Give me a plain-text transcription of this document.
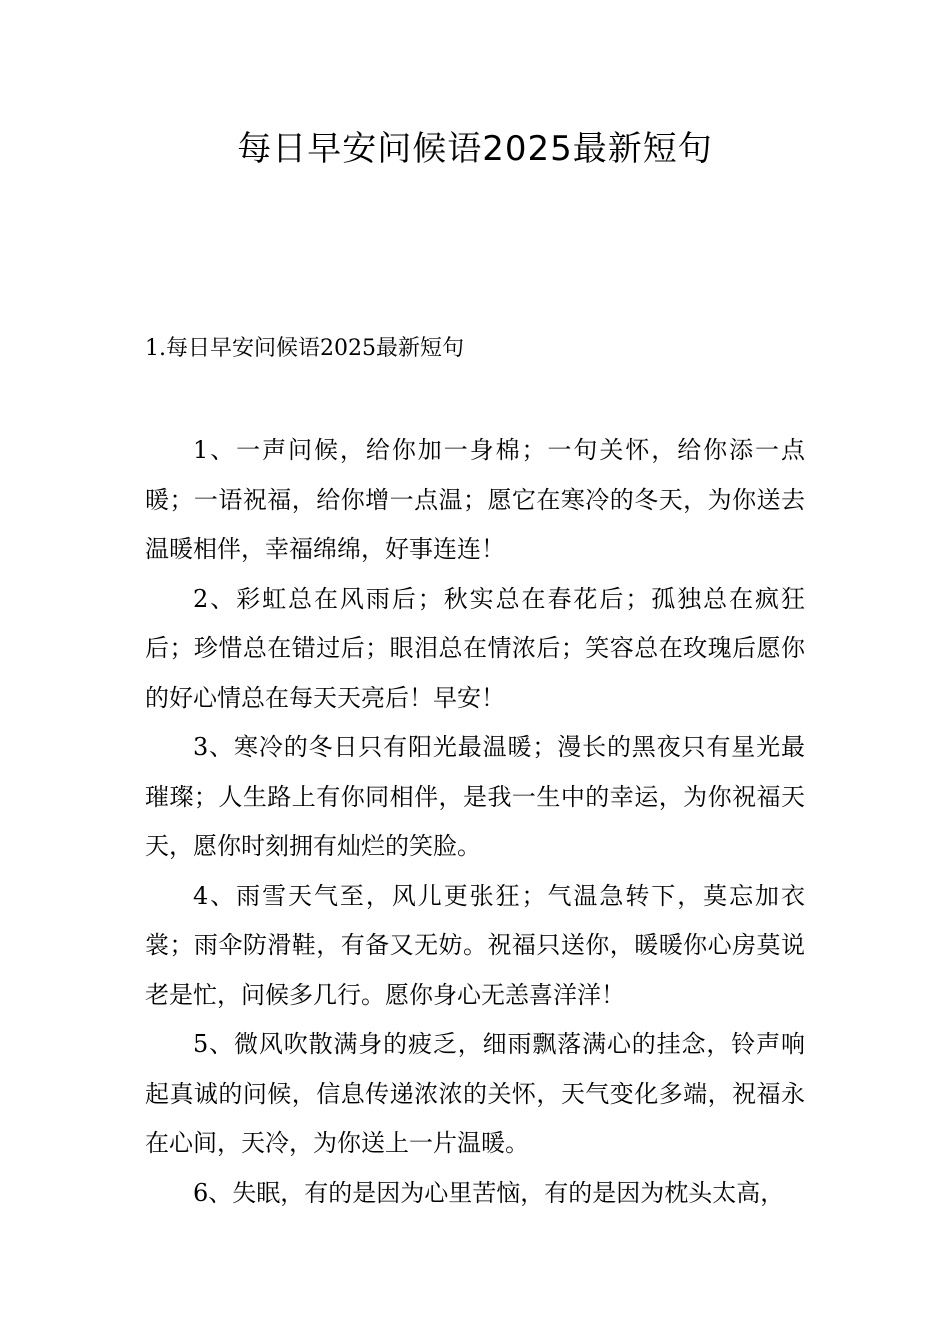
每日早安问候语2025最新短句
1.每日早安问候语2025最新短句

1、一声问候，给你加一身棉；一句关怀，给你添一点暖；一语祝福，给你增一点温；愿它在寒冷的冬天，为你送去温暖相伴，幸福绵绵，好事连连！

2、彩虹总在风雨后；秋实总在春花后；孤独总在疯狂后；珍惜总在错过后；眼泪总在情浓后；笑容总在玫瑰后愿你的好心情总在每天天亮后！早安！

3、寒冷的冬日只有阳光最温暖；漫长的黑夜只有星光最璀璨；人生路上有你同相伴，是我一生中的幸运，为你祝福天天，愿你时刻拥有灿烂的笑脸。

4、雨雪天气至，风儿更张狂；气温急转下，莫忘加衣裳；雨伞防滑鞋，有备又无妨。祝福只送你，暖暖你心房莫说老是忙，问候多几行。愿你身心无恙喜洋洋！

5、微风吹散满身的疲乏，细雨飘落满心的挂念，铃声响起真诚的问候，信息传递浓浓的关怀，天气变化多端，祝福永在心间，天冷，为你送上一片温暖。

6、失眠，有的是因为心里苦恼，有的是因为枕头太高，
